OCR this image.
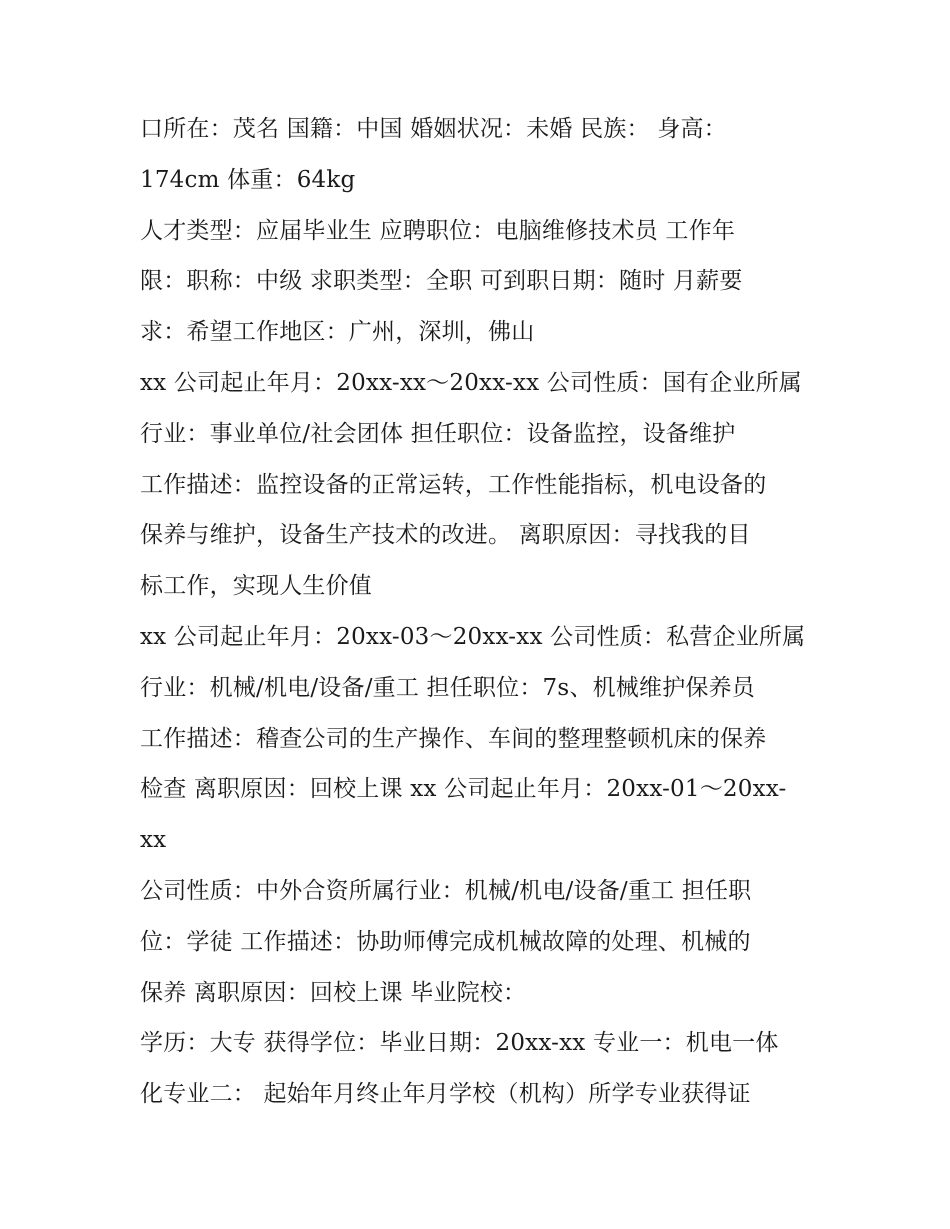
口所在：茂名 国籍：中国 婚姻状况：未婚 民族： 身高：
174cm 体重：64kg
人才类型：应届毕业生 应聘职位：电脑维修技术员 工作年
限：职称：中级 求职类型：全职 可到职日期：随时 月薪要
求：希望工作地区：广州，深圳，佛山
xx 公司起止年月：20xx-xx～20xx-xx 公司性质：国有企业所属
行业：事业单位/社会团体 担任职位：设备监控，设备维护
工作描述：监控设备的正常运转，工作性能指标，机电设备的
保养与维护，设备生产技术的改进。 离职原因：寻找我的目
标工作，实现人生价值
xx 公司起止年月：20xx-03～20xx-xx 公司性质：私营企业所属
行业：机械/机电/设备/重工 担任职位：7s、机械维护保养员
工作描述：稽查公司的生产操作、车间的整理整顿机床的保养
检查 离职原因：回校上课 xx 公司起止年月：20xx-01～20xx-
xx
公司性质：中外合资所属行业：机械/机电/设备/重工 担任职
位：学徒 工作描述：协助师傅完成机械故障的处理、机械的
保养 离职原因：回校上课 毕业院校：
学历：大专 获得学位：毕业日期：20xx-xx 专业一：机电一体
化专业二： 起始年月终止年月学校（机构）所学专业获得证
